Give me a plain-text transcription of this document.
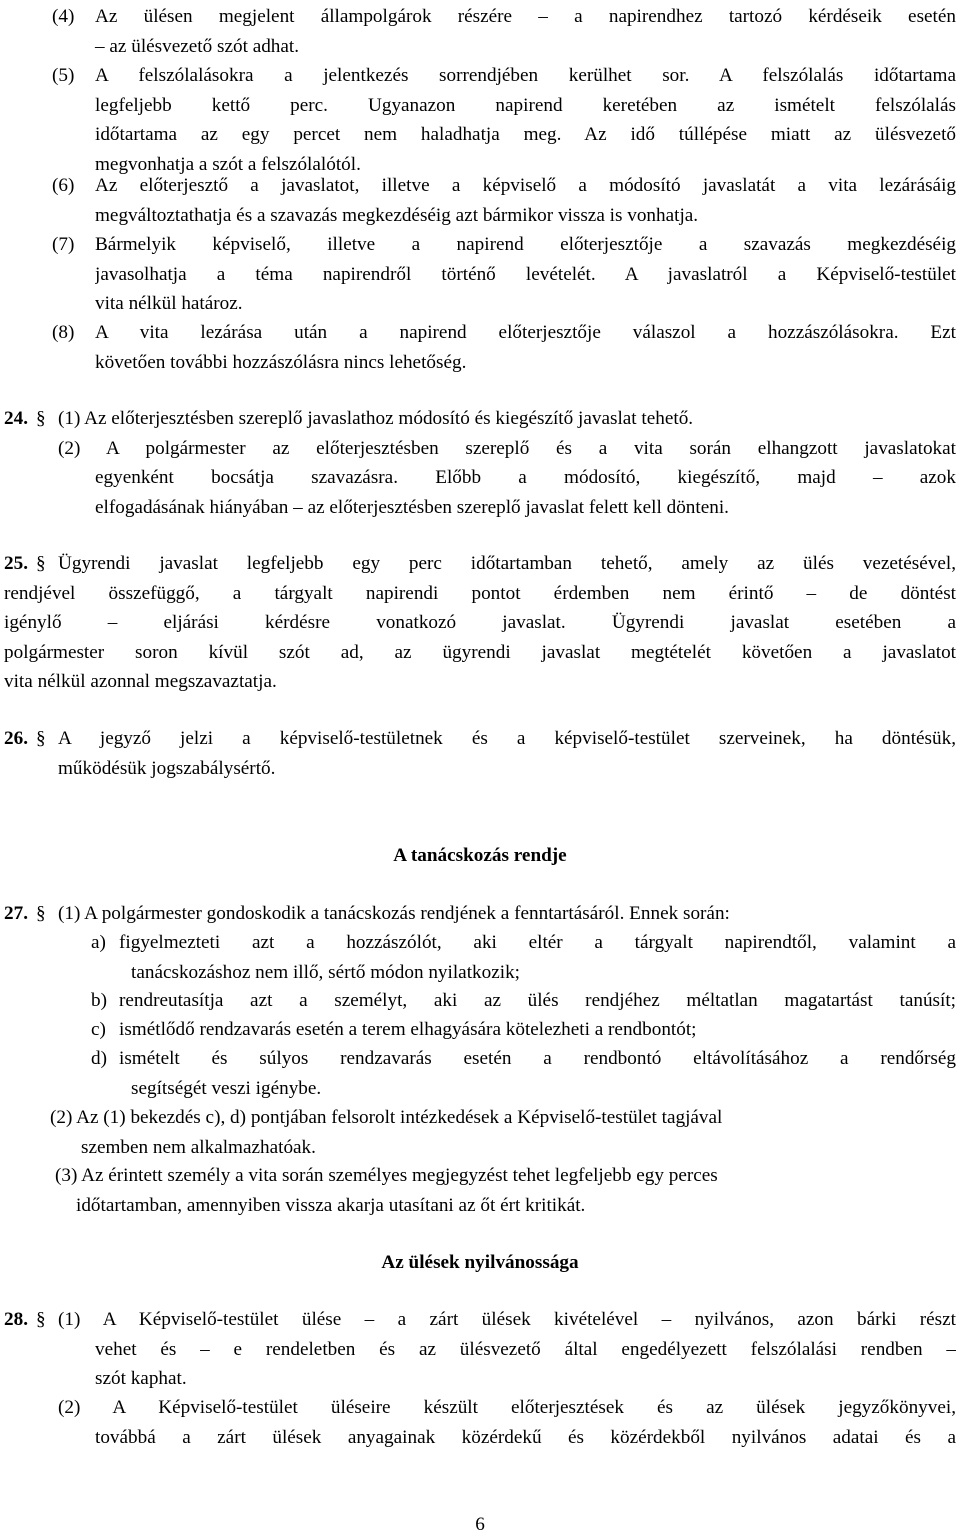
(4) Az ülésen megjelent állampolgárok részére – a napirendhez tartozó kérdéseik esetén
– az ülésvezető szót adhat.
(5) A felszólalásokra a jelentkezés sorrendjében kerülhet sor. A felszólalás időtartama
legfeljebb kettő perc. Ugyanazon napirend keretében az ismételt felszólalás
időtartama az egy percet nem haladhatja meg. Az idő túllépése miatt az ülésvezető
megvonhatja a szót a felszólalótól.
(6) Az előterjesztő a javaslatot, illetve a képviselő a módosító javaslatát a vita lezárásáig
megváltoztathatja és a szavazás megkezdéséig azt bármikor vissza is vonhatja.
(7) Bármelyik képviselő, illetve a napirend előterjesztője a szavazás megkezdéséig
javasolhatja a téma napirendről történő levételét. A javaslatról a Képviselő-testület
vita nélkül határoz.
(8) A vita lezárása után a napirend előterjesztője válaszol a hozzászólásokra. Ezt
követően további hozzászólásra nincs lehetőség.
24. § (1) Az előterjesztésben szereplő javaslathoz módosító és kiegészítő javaslat tehető.
(2) A polgármester az előterjesztésben szereplő és a vita során elhangzott javaslatokat
egyenként bocsátja szavazásra. Előbb a módosító, kiegészítő, majd – azok
elfogadásának hiányában – az előterjesztésben szereplő javaslat felett kell dönteni.
25. § Ügyrendi javaslat legfeljebb egy perc időtartamban tehető, amely az ülés vezetésével,
rendjével összefüggő, a tárgyalt napirendi pontot érdemben nem érintő – de döntést
igénylő – eljárási kérdésre vonatkozó javaslat. Ügyrendi javaslat esetében a
polgármester soron kívül szót ad, az ügyrendi javaslat megtételét követően a javaslatot
vita nélkül azonnal megszavaztatja.
26. § A jegyző jelzi a képviselő-testületnek és a képviselő-testület szerveinek, ha döntésük,
működésük jogszabálysértő.
A tanácskozás rendje
27. § (1) A polgármester gondoskodik a tanácskozás rendjének a fenntartásáról. Ennek során:
a) figyelmezteti azt a hozzászólót, aki eltér a tárgyalt napirendtől, valamint a
tanácskozáshoz nem illő, sértő módon nyilatkozik;
b) rendreutasítja azt a személyt, aki az ülés rendjéhez méltatlan magatartást tanúsít;
c) ismétlődő rendzavarás esetén a terem elhagyására kötelezheti a rendbontót;
d) ismételt és súlyos rendzavarás esetén a rendbontó eltávolításához a rendőrség
segítségét veszi igénybe.
(2) Az (1) bekezdés c), d) pontjában felsorolt intézkedések a Képviselő-testület tagjával
szemben nem alkalmazhatóak.
(3) Az érintett személy a vita során személyes megjegyzést tehet legfeljebb egy perces
időtartamban, amennyiben vissza akarja utasítani az őt ért kritikát.
Az ülések nyilvánossága
28. § (1) A Képviselő-testület ülése – a zárt ülések kivételével – nyilvános, azon bárki részt
vehet és – e rendeletben és az ülésvezető által engedélyezett felszólalási rendben –
szót kaphat.
(2) A Képviselő-testület üléseire készült előterjesztések és az ülések jegyzőkönyvei,
továbbá a zárt ülések anyagainak közérdekű és közérdekből nyilvános adatai és a
6
